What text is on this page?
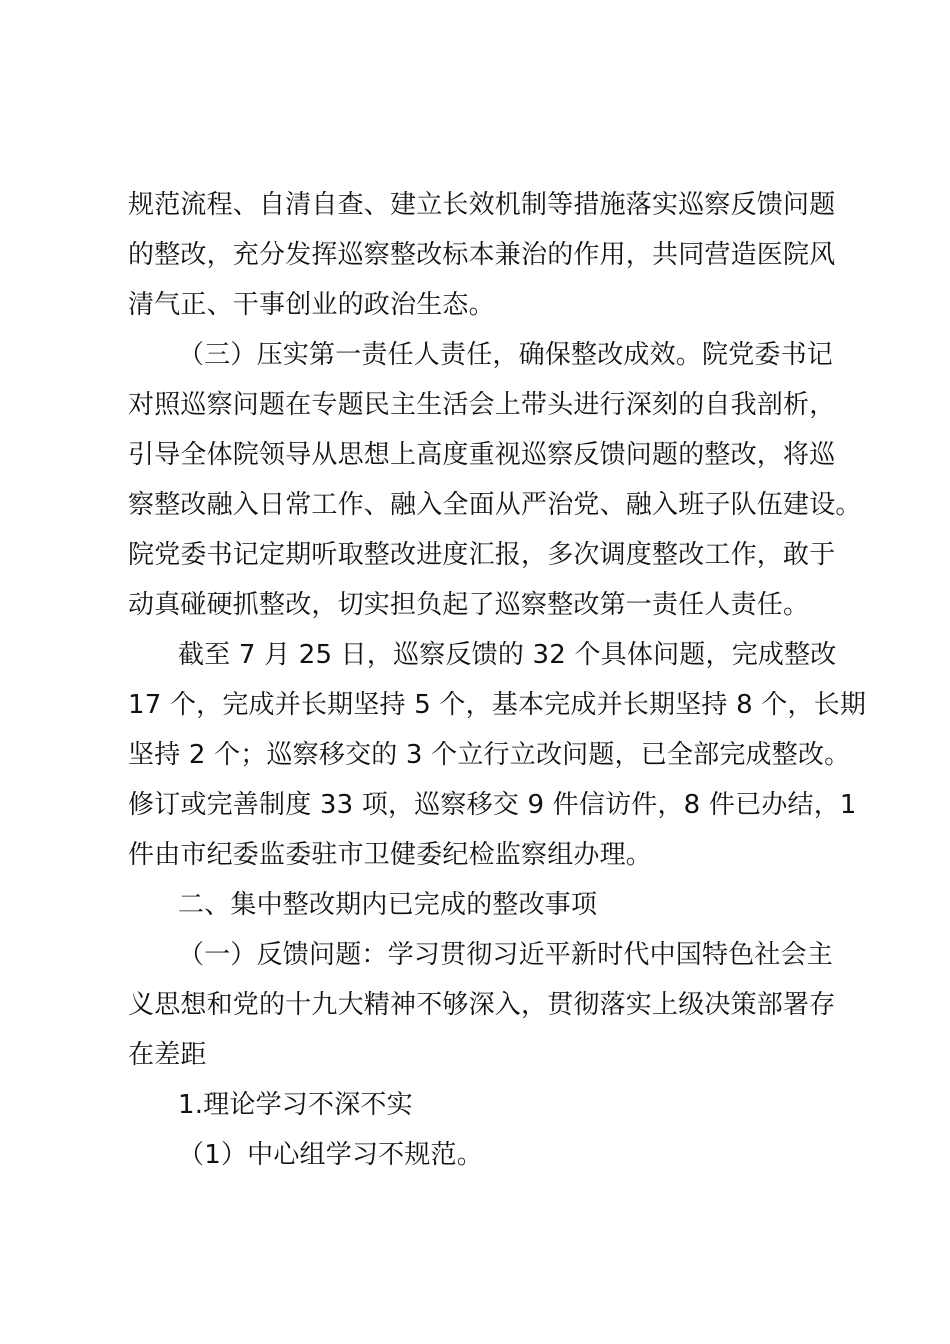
规范流程、自清自查、建立长效机制等措施落实巡察反馈问题
的整改，充分发挥巡察整改标本兼治的作用，共同营造医院风
清气正、干事创业的政治生态。
（三）压实第一责任人责任，确保整改成效。院党委书记
对照巡察问题在专题民主生活会上带头进行深刻的自我剖析，
引导全体院领导从思想上高度重视巡察反馈问题的整改，将巡
察整改融入日常工作、融入全面从严治党、融入班子队伍建设。
院党委书记定期听取整改进度汇报，多次调度整改工作，敢于
动真碰硬抓整改，切实担负起了巡察整改第一责任人责任。
截至 7 月 25 日，巡察反馈的 32 个具体问题，完成整改
17 个，完成并长期坚持 5 个，基本完成并长期坚持 8 个，长期
坚持 2 个；巡察移交的 3 个立行立改问题，已全部完成整改。
修订或完善制度 33 项，巡察移交 9 件信访件，8 件已办结，1
件由市纪委监委驻市卫健委纪检监察组办理。
二、集中整改期内已完成的整改事项
（一）反馈问题：学习贯彻习近平新时代中国特色社会主
义思想和党的十九大精神不够深入，贯彻落实上级决策部署存
在差距
1.理论学习不深不实
（1）中心组学习不规范。
